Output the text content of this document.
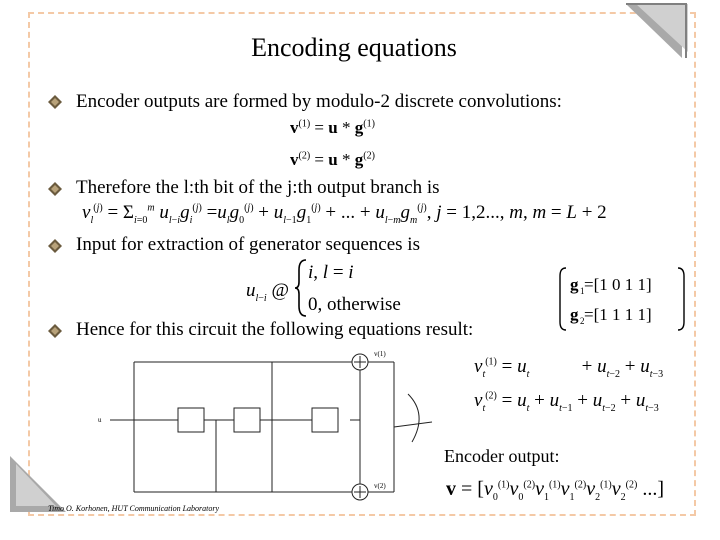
Encoding equations
Encoder outputs are formed by modulo-2 discrete convolutions:
$v^{(1)} = u * g^{(1)}$
$v^{(2)} = u * g^{(2)}$
Therefore the l:th bit of the j:th output branch is
$v_l^{(j)} = \Sigma_{i=0}^m$ $u_{l-i}g_i^{(j)} =u_lg_0^{(j)} + u_{l-1}g_1^{(j)}$ + ... + $u_{l-m}g_m^{(j)}$, j = 1,2..., m, m = L + 2
Input for extraction of generator sequences is
$u_{l-i}$ @
i, l = i
0, otherwise
g 1 =[1 0 1 1]
g 2 =[1 1 1 1]
Hence for this circuit the following equations result:
u
v(1)
v(2)
$v_t^{(1)} = u_t$           + $u_{t-2} + u_{t-3}$
$v_t^{(2)} = u_t + u_{t-1} + u_{t-2} + u_{t-3}$
Encoder output:
$v = [v_0^{(1)}v_0^{(2)}v_1^{(1)}v_1^{(2)}v_2^{(1)}v_2^{(2)}$ ...]
Timo O. Korhonen, HUT Communication Laboratory
